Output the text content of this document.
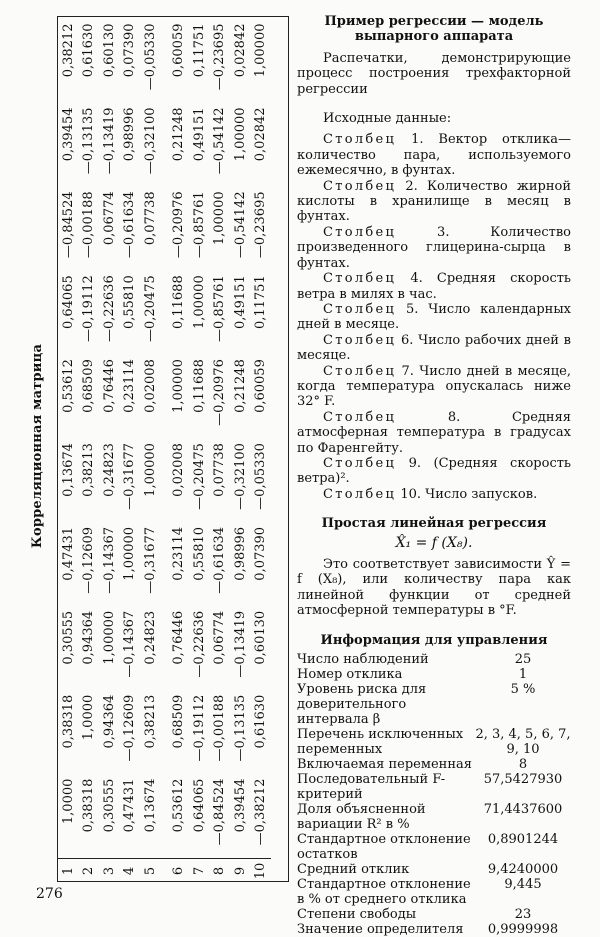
Корреляционная матрица
1	1,0000	0,38318	0,30555	0,47431	0,13674	0,53612	0,64065	—0,84524	0,39454	0,38212
2	0,38318	1,0000	0,94364	—0,12609	0,38213	0,68509	—0,19112	—0,00188	—0,13135	0,61630
3	0,30555	0,94364	1,00000	—0,14367	0,24823	0,76446	—0,22636	0,06774	—0,13419	0,60130
4	0,47431	—0,12609	—0,14367	1,00000	—0,31677	0,23114	0,55810	—0,61634	0,98996	0,07390
5	0,13674	0,38213	0,24823	—0,31677	1,00000	0,02008	—0,20475	0,07738	—0,32100	—0,05330
6	0,53612	0,68509	0,76446	0,23114	0,02008	1,00000	0,11688	—0,20976	0,21248	0,60059
7	0,64065	—0,19112	—0,22636	0,55810	—0,20475	0,11688	1,00000	—0,85761	0,49151	0,11751
8	—0,84524	—0,00188	0,06774	—0,61634	0,07738	—0,20976	—0,85761	1,00000	—0,54142	—0,23695
9	0,39454	—0,13135	—0,13419	0,98996	—0,32100	0,21248	0,49151	—0,54142	1,00000	0,02842
10	—0,38212	0,61630	0,60130	0,07390	—0,05330	0,60059	0,11751	—0,23695	0,02842	1,00000
Пример регрессии — модель выпарного аппарата
Распечатки, демонстрирующие процесс построения трехфакторной регрессии
Исходные данные:
Столбец 1. Вектор отклика— количество пара, используемого ежемесячно, в фунтах.
Столбец 2. Количество жирной кислоты в хранилище в месяц в фунтах.
Столбец 3. Количество произведенного глицерина-сырца в фунтах.
Столбец 4. Средняя скорость ветра в милях в час.
Столбец 5. Число календарных дней в месяце.
Столбец 6. Число рабочих дней в месяце.
Столбец 7. Число дней в месяце, когда температура опускалась ниже 32° F.
Столбец 8. Средняя атмосферная температура в градусах по Фаренгейту.
Столбец 9. (Средняя скорость ветра)².
Столбец 10. Число запусков.
Простая линейная регрессия
X̂₁ = f (X₈).
Это соответствует зависимости Ŷ = f (X₈), или количеству пара как линейной функции от средней атмосферной температуры в °F.
Информация для управления
Число наблюдений	25
Номер отклика	1
Уровень риска для доверительного интервала β	5 %
Перечень исключенных переменных	2, 3, 4, 5, 6, 7, 9, 10
Включаемая переменная	8
Последовательный F-критерий	57,5427930
Доля объясненной вариации R² в %	71,4437600
Стандартное отклонение остатков	0,8901244
Средний отклик	9,4240000
Стандартное отклонение в % от среднего отклика	9,445
Степени свободы	23
Значение определителя	0,9999998
276
